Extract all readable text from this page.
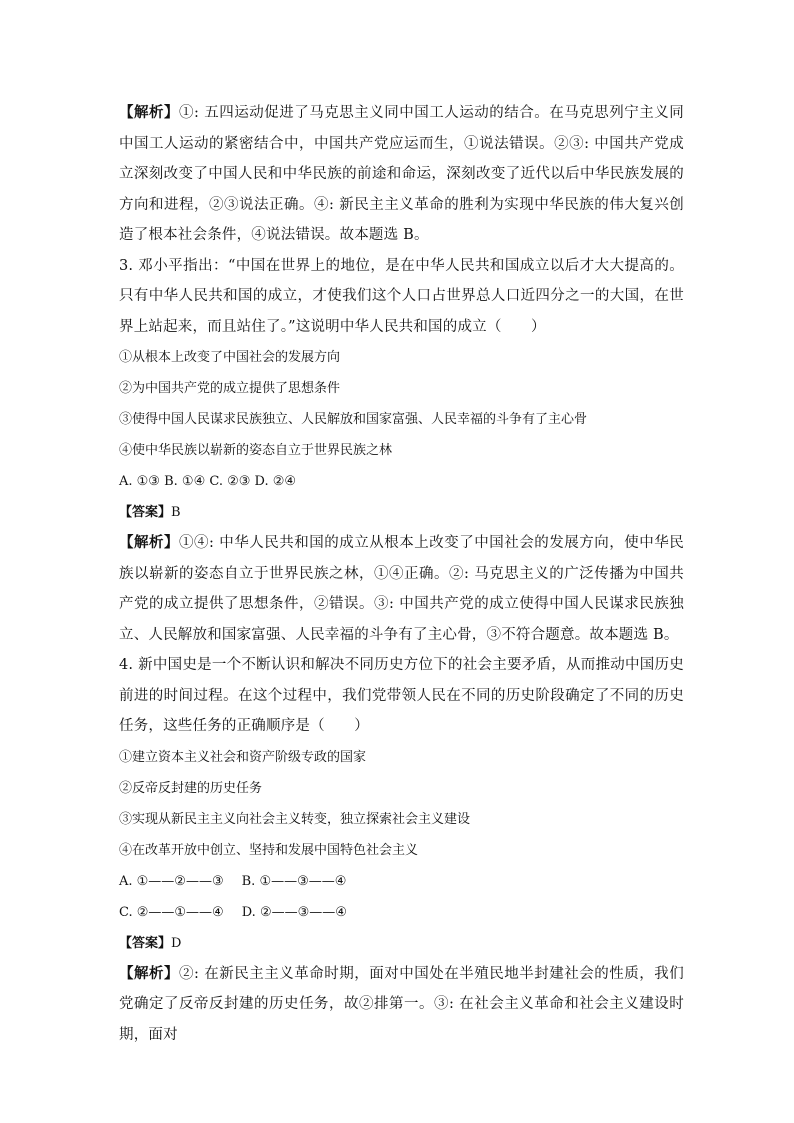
【解析】①: 五四运动促进了马克思主义同中国工人运动的结合。在马克思列宁主义同中国工人运动的紧密结合中，中国共产党应运而生，①说法错误。②③: 中国共产党成立深刻改变了中国人民和中华民族的前途和命运，深刻改变了近代以后中华民族发展的方向和进程，②③说法正确。④: 新民主主义革命的胜利为实现中华民族的伟大复兴创造了根本社会条件，④说法错误。故本题选 B。

3. 邓小平指出：“中国在世界上的地位，是在中华人民共和国成立以后才大大提高的。只有中华人民共和国的成立，才使我们这个人口占世界总人口近四分之一的大国，在世界上站起来，而且站住了。”这说明中华人民共和国的成立（　　）

①从根本上改变了中国社会的发展方向

②为中国共产党的成立提供了思想条件

③使得中国人民谋求民族独立、人民解放和国家富强、人民幸福的斗争有了主心骨

④使中华民族以崭新的姿态自立于世界民族之林

A. ①③ B. ①④ C. ②③ D. ②④

【答案】B

【解析】①④: 中华人民共和国的成立从根本上改变了中国社会的发展方向，使中华民族以崭新的姿态自立于世界民族之林，①④正确。②: 马克思主义的广泛传播为中国共产党的成立提供了思想条件，②错误。③: 中国共产党的成立使得中国人民谋求民族独立、人民解放和国家富强、人民幸福的斗争有了主心骨，③不符合题意。故本题选 B。

4. 新中国史是一个不断认识和解决不同历史方位下的社会主要矛盾，从而推动中国历史前进的时间过程。在这个过程中，我们党带领人民在不同的历史阶段确定了不同的历史任务，这些任务的正确顺序是（　　）

①建立资本主义社会和资产阶级专政的国家

②反帝反封建的历史任务

③实现从新民主主义向社会主义转变，独立探索社会主义建设

④在改革开放中创立、坚持和发展中国特色社会主义

A. ①——②——③ B. ①——③——④

C. ②——①——④ D. ②——③——④

【答案】D

【解析】②: 在新民主主义革命时期，面对中国处在半殖民地半封建社会的性质，我们党确定了反帝反封建的历史任务，故②排第一。③: 在社会主义革命和社会主义建设时期，面对
